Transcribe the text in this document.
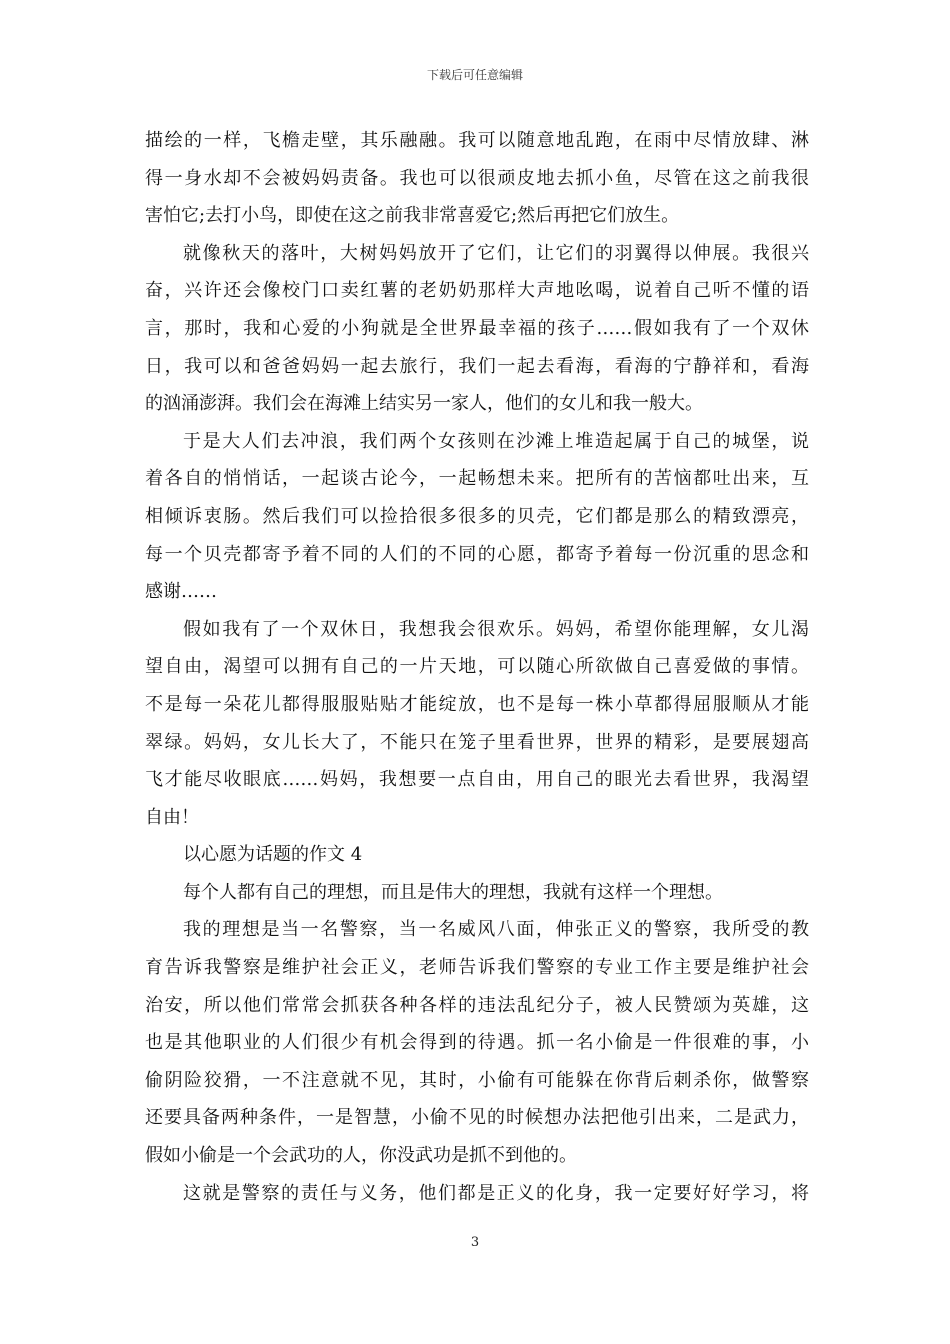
下载后可任意编辑
描绘的一样，飞檐走壁，其乐融融。我可以随意地乱跑，在雨中尽情放肆、淋
得一身水却不会被妈妈责备。我也可以很顽皮地去抓小鱼，尽管在这之前我很
害怕它;去打小鸟，即使在这之前我非常喜爱它;然后再把它们放生。
就像秋天的落叶，大树妈妈放开了它们，让它们的羽翼得以伸展。我很兴
奋，兴许还会像校门口卖红薯的老奶奶那样大声地吆喝，说着自己听不懂的语
言，那时，我和心爱的小狗就是全世界最幸福的孩子……假如我有了一个双休
日，我可以和爸爸妈妈一起去旅行，我们一起去看海，看海的宁静祥和，看海
的汹涌澎湃。我们会在海滩上结实另一家人，他们的女儿和我一般大。
于是大人们去冲浪，我们两个女孩则在沙滩上堆造起属于自己的城堡，说
着各自的悄悄话，一起谈古论今，一起畅想未来。把所有的苦恼都吐出来，互
相倾诉衷肠。然后我们可以捡拾很多很多的贝壳，它们都是那么的精致漂亮，
每一个贝壳都寄予着不同的人们的不同的心愿，都寄予着每一份沉重的思念和
感谢……
假如我有了一个双休日，我想我会很欢乐。妈妈，希望你能理解，女儿渴
望自由，渴望可以拥有自己的一片天地，可以随心所欲做自己喜爱做的事情。
不是每一朵花儿都得服服贴贴才能绽放，也不是每一株小草都得屈服顺从才能
翠绿。妈妈，女儿长大了，不能只在笼子里看世界，世界的精彩，是要展翅高
飞才能尽收眼底……妈妈，我想要一点自由，用自己的眼光去看世界，我渴望
自由！
以心愿为话题的作文 4
每个人都有自己的理想，而且是伟大的理想，我就有这样一个理想。
我的理想是当一名警察，当一名威风八面，伸张正义的警察，我所受的教
育告诉我警察是维护社会正义，老师告诉我们警察的专业工作主要是维护社会
治安，所以他们常常会抓获各种各样的违法乱纪分子，被人民赞颂为英雄，这
也是其他职业的人们很少有机会得到的待遇。抓一名小偷是一件很难的事，小
偷阴险狡猾，一不注意就不见，其时，小偷有可能躲在你背后刺杀你，做警察
还要具备两种条件，一是智慧，小偷不见的时候想办法把他引出来，二是武力，
假如小偷是一个会武功的人，你没武功是抓不到他的。
这就是警察的责任与义务，他们都是正义的化身，我一定要好好学习，将
3
